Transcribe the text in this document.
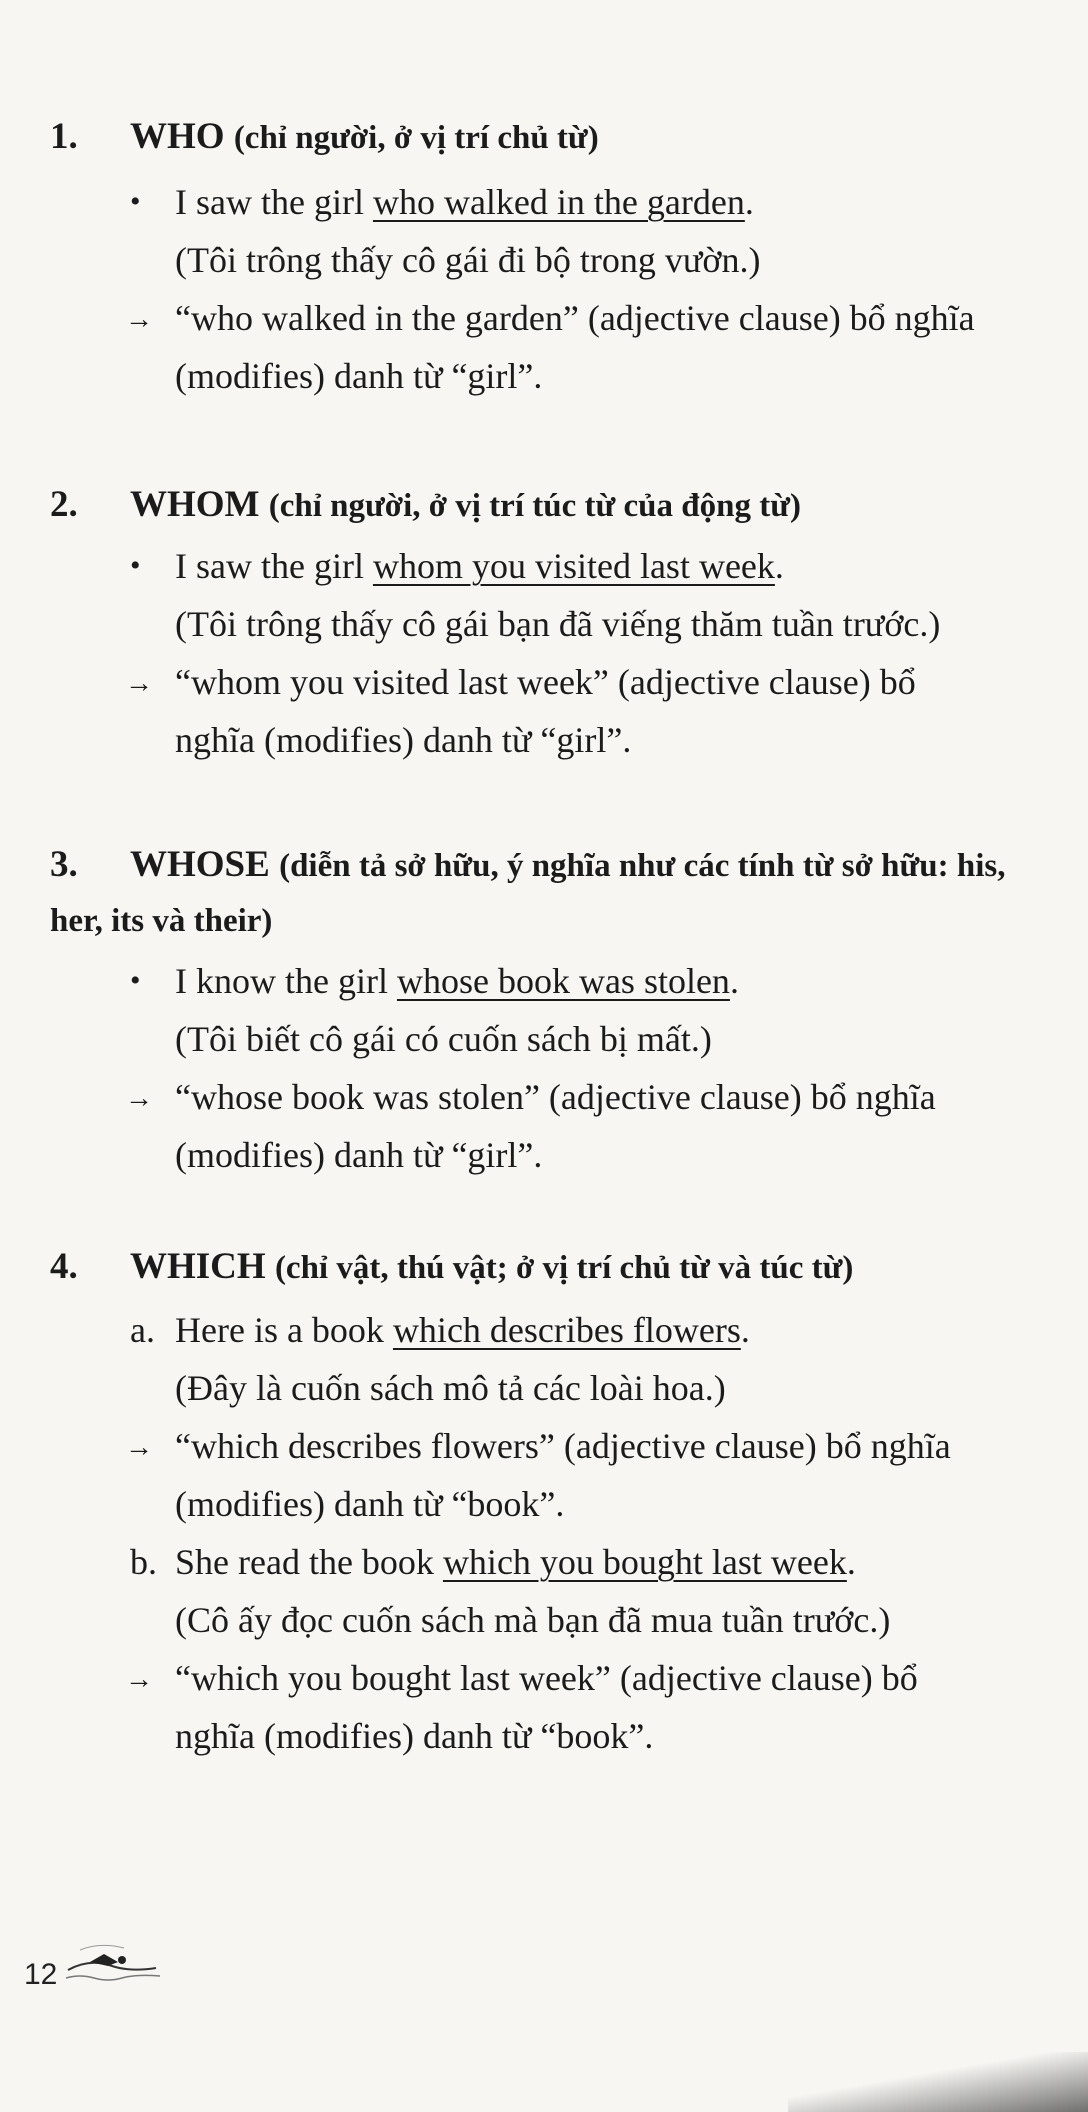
1. WHO (chỉ người, ở vị trí chủ từ)
• I saw the girl who walked in the garden.
(Tôi trông thấy cô gái đi bộ trong vườn.)
→ “who walked in the garden” (adjective clause) bổ nghĩa
(modifies) danh từ “girl”.
2. WHOM (chỉ người, ở vị trí túc từ của động từ)
• I saw the girl whom you visited last week.
(Tôi trông thấy cô gái bạn đã viếng thăm tuần trước.)
→ “whom you visited last week” (adjective clause) bổ
nghĩa (modifies) danh từ “girl”.
3. WHOSE (diễn tả sở hữu, ý nghĩa như các tính từ sở hữu: his,
her, its và their)
• I know the girl whose book was stolen.
(Tôi biết cô gái có cuốn sách bị mất.)
→ “whose book was stolen” (adjective clause) bổ nghĩa
(modifies) danh từ “girl”.
4. WHICH (chỉ vật, thú vật; ở vị trí chủ từ và túc từ)
a. Here is a book which describes flowers.
(Đây là cuốn sách mô tả các loài hoa.)
→ “which describes flowers” (adjective clause) bổ nghĩa
(modifies) danh từ “book”.
b. She read the book which you bought last week.
(Cô ấy đọc cuốn sách mà bạn đã mua tuần trước.)
→ “which you bought last week” (adjective clause) bổ
nghĩa (modifies) danh từ “book”.
12
